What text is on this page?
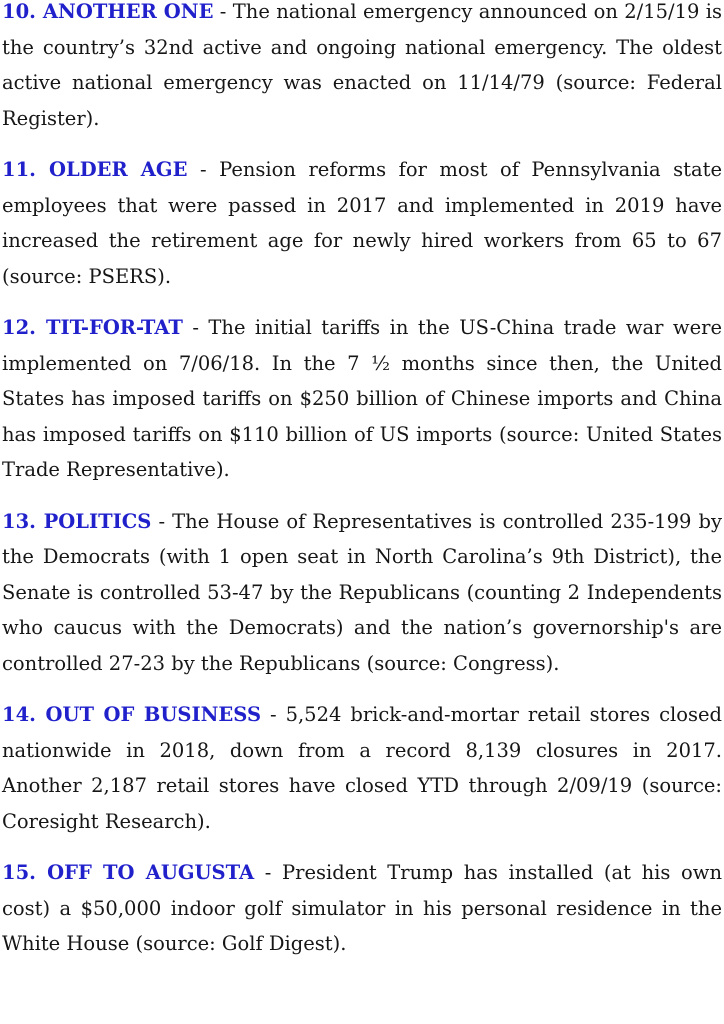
10. ANOTHER ONE - The national emergency announced on 2/15/19 is the country’s 32nd active and ongoing national emergency. The oldest active national emergency was enacted on 11/14/79 (source: Federal Register).

11. OLDER AGE - Pension reforms for most of Pennsylvania state employees that were passed in 2017 and implemented in 2019 have increased the retirement age for newly hired workers from 65 to 67 (source: PSERS).

12. TIT-FOR-TAT - The initial tariffs in the US-China trade war were implemented on 7/06/18. In the 7 ½ months since then, the United States has imposed tariffs on $250 billion of Chinese imports and China has imposed tariffs on $110 billion of US imports (source: United States Trade Representative).

13. POLITICS - The House of Representatives is controlled 235-199 by the Democrats (with 1 open seat in North Carolina’s 9th District), the Senate is controlled 53-47 by the Republicans (counting 2 Independents who caucus with the Democrats) and the nation’s governorship's are controlled 27-23 by the Republicans (source: Congress).

14. OUT OF BUSINESS - 5,524 brick-and-mortar retail stores closed nationwide in 2018, down from a record 8,139 closures in 2017. Another 2,187 retail stores have closed YTD through 2/09/19 (source: Coresight Research).

15. OFF TO AUGUSTA - President Trump has installed (at his own cost) a $50,000 indoor golf simulator in his personal residence in the White House (source: Golf Digest).
